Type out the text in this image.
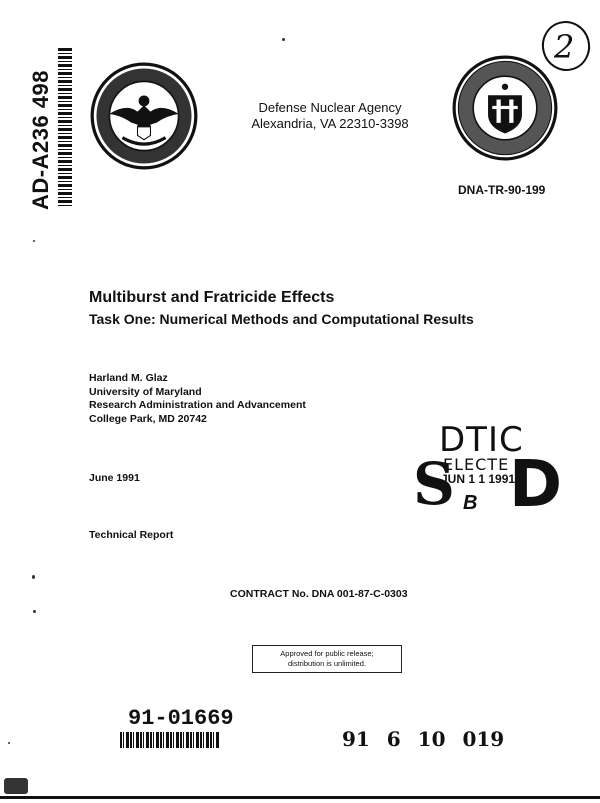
AD-A236 498	Defense Nuclear Agency
Alexandria, VA 22310-3398
2
DNA-TR-90-199
Multiburst and Fratricide Effects
Task One: Numerical Methods and Computational Results
Harland M. Glaz
University of Maryland
Research Administration and Advancement
College Park, MD 20742
June 1991
DTIC
ELECTE
JUN 1 1 1991
S D
B
Technical Report
CONTRACT No. DNA 001-87-C-0303
Approved for public release;
distribution is unlimited.
91-01669
91 6 10 019
